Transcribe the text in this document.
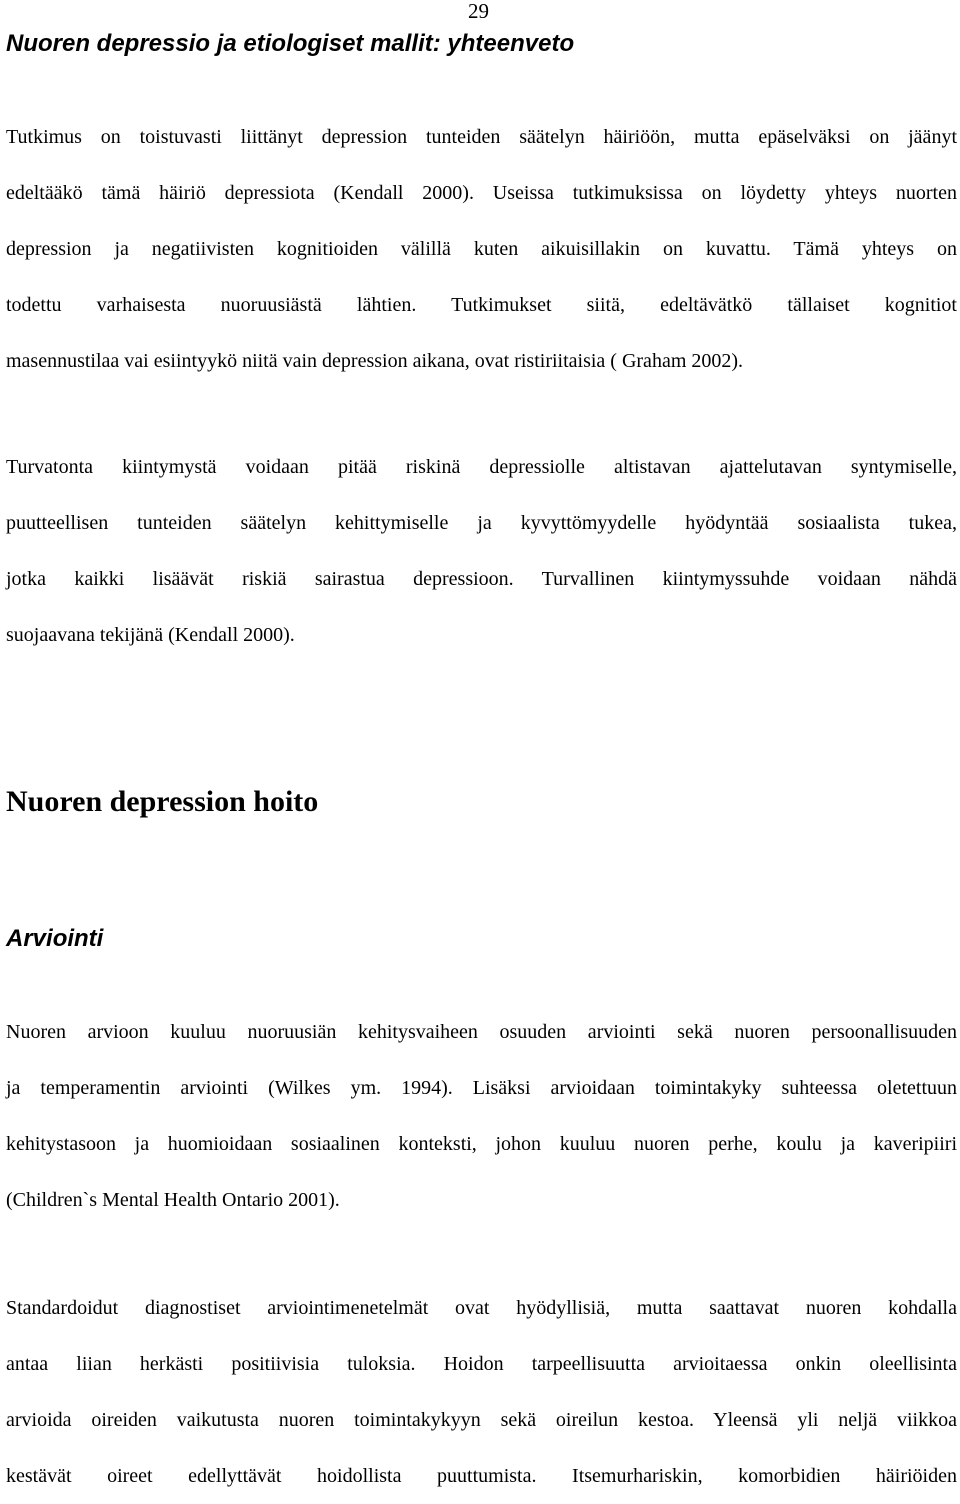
29
Nuoren depressio ja etiologiset mallit: yhteenveto
Tutkimus on toistuvasti liittänyt depression tunteiden säätelyn häiriöön, mutta epäselväksi on jäänyt
edeltääkö tämä häiriö depressiota (Kendall 2000). Useissa tutkimuksissa on löydetty yhteys nuorten
depression ja negatiivisten kognitioiden välillä kuten aikuisillakin on kuvattu. Tämä yhteys on
todettu varhaisesta nuoruusiästä lähtien. Tutkimukset siitä, edeltävätkö tällaiset kognitiot
masennustilaa vai esiintyykö niitä vain depression aikana, ovat ristiriitaisia ( Graham 2002).
Turvatonta kiintymystä voidaan pitää riskinä depressiolle altistavan ajattelutavan syntymiselle,
puutteellisen tunteiden säätelyn kehittymiselle ja kyvyttömyydelle hyödyntää sosiaalista tukea,
jotka kaikki lisäävät riskiä sairastua depressioon. Turvallinen kiintymyssuhde voidaan nähdä
suojaavana tekijänä (Kendall 2000).
Nuoren depression hoito
Arviointi
Nuoren arvioon kuuluu nuoruusiän kehitysvaiheen osuuden arviointi sekä nuoren persoonallisuuden
ja temperamentin arviointi (Wilkes ym. 1994). Lisäksi arvioidaan toimintakyky suhteessa oletettuun
kehitystasoon ja huomioidaan sosiaalinen konteksti, johon kuuluu nuoren perhe, koulu ja kaveripiiri
(Children`s Mental Health Ontario 2001).
Standardoidut diagnostiset arviointimenetelmät ovat hyödyllisiä, mutta saattavat nuoren kohdalla
antaa liian herkästi positiivisia tuloksia. Hoidon tarpeellisuutta arvioitaessa onkin oleellisinta
arvioida oireiden vaikutusta nuoren toimintakykyyn sekä oireilun kestoa. Yleensä yli neljä viikkoa
kestävät oireet edellyttävät hoidollista puuttumista. Itsemurhariskin, komorbidien häiriöiden
